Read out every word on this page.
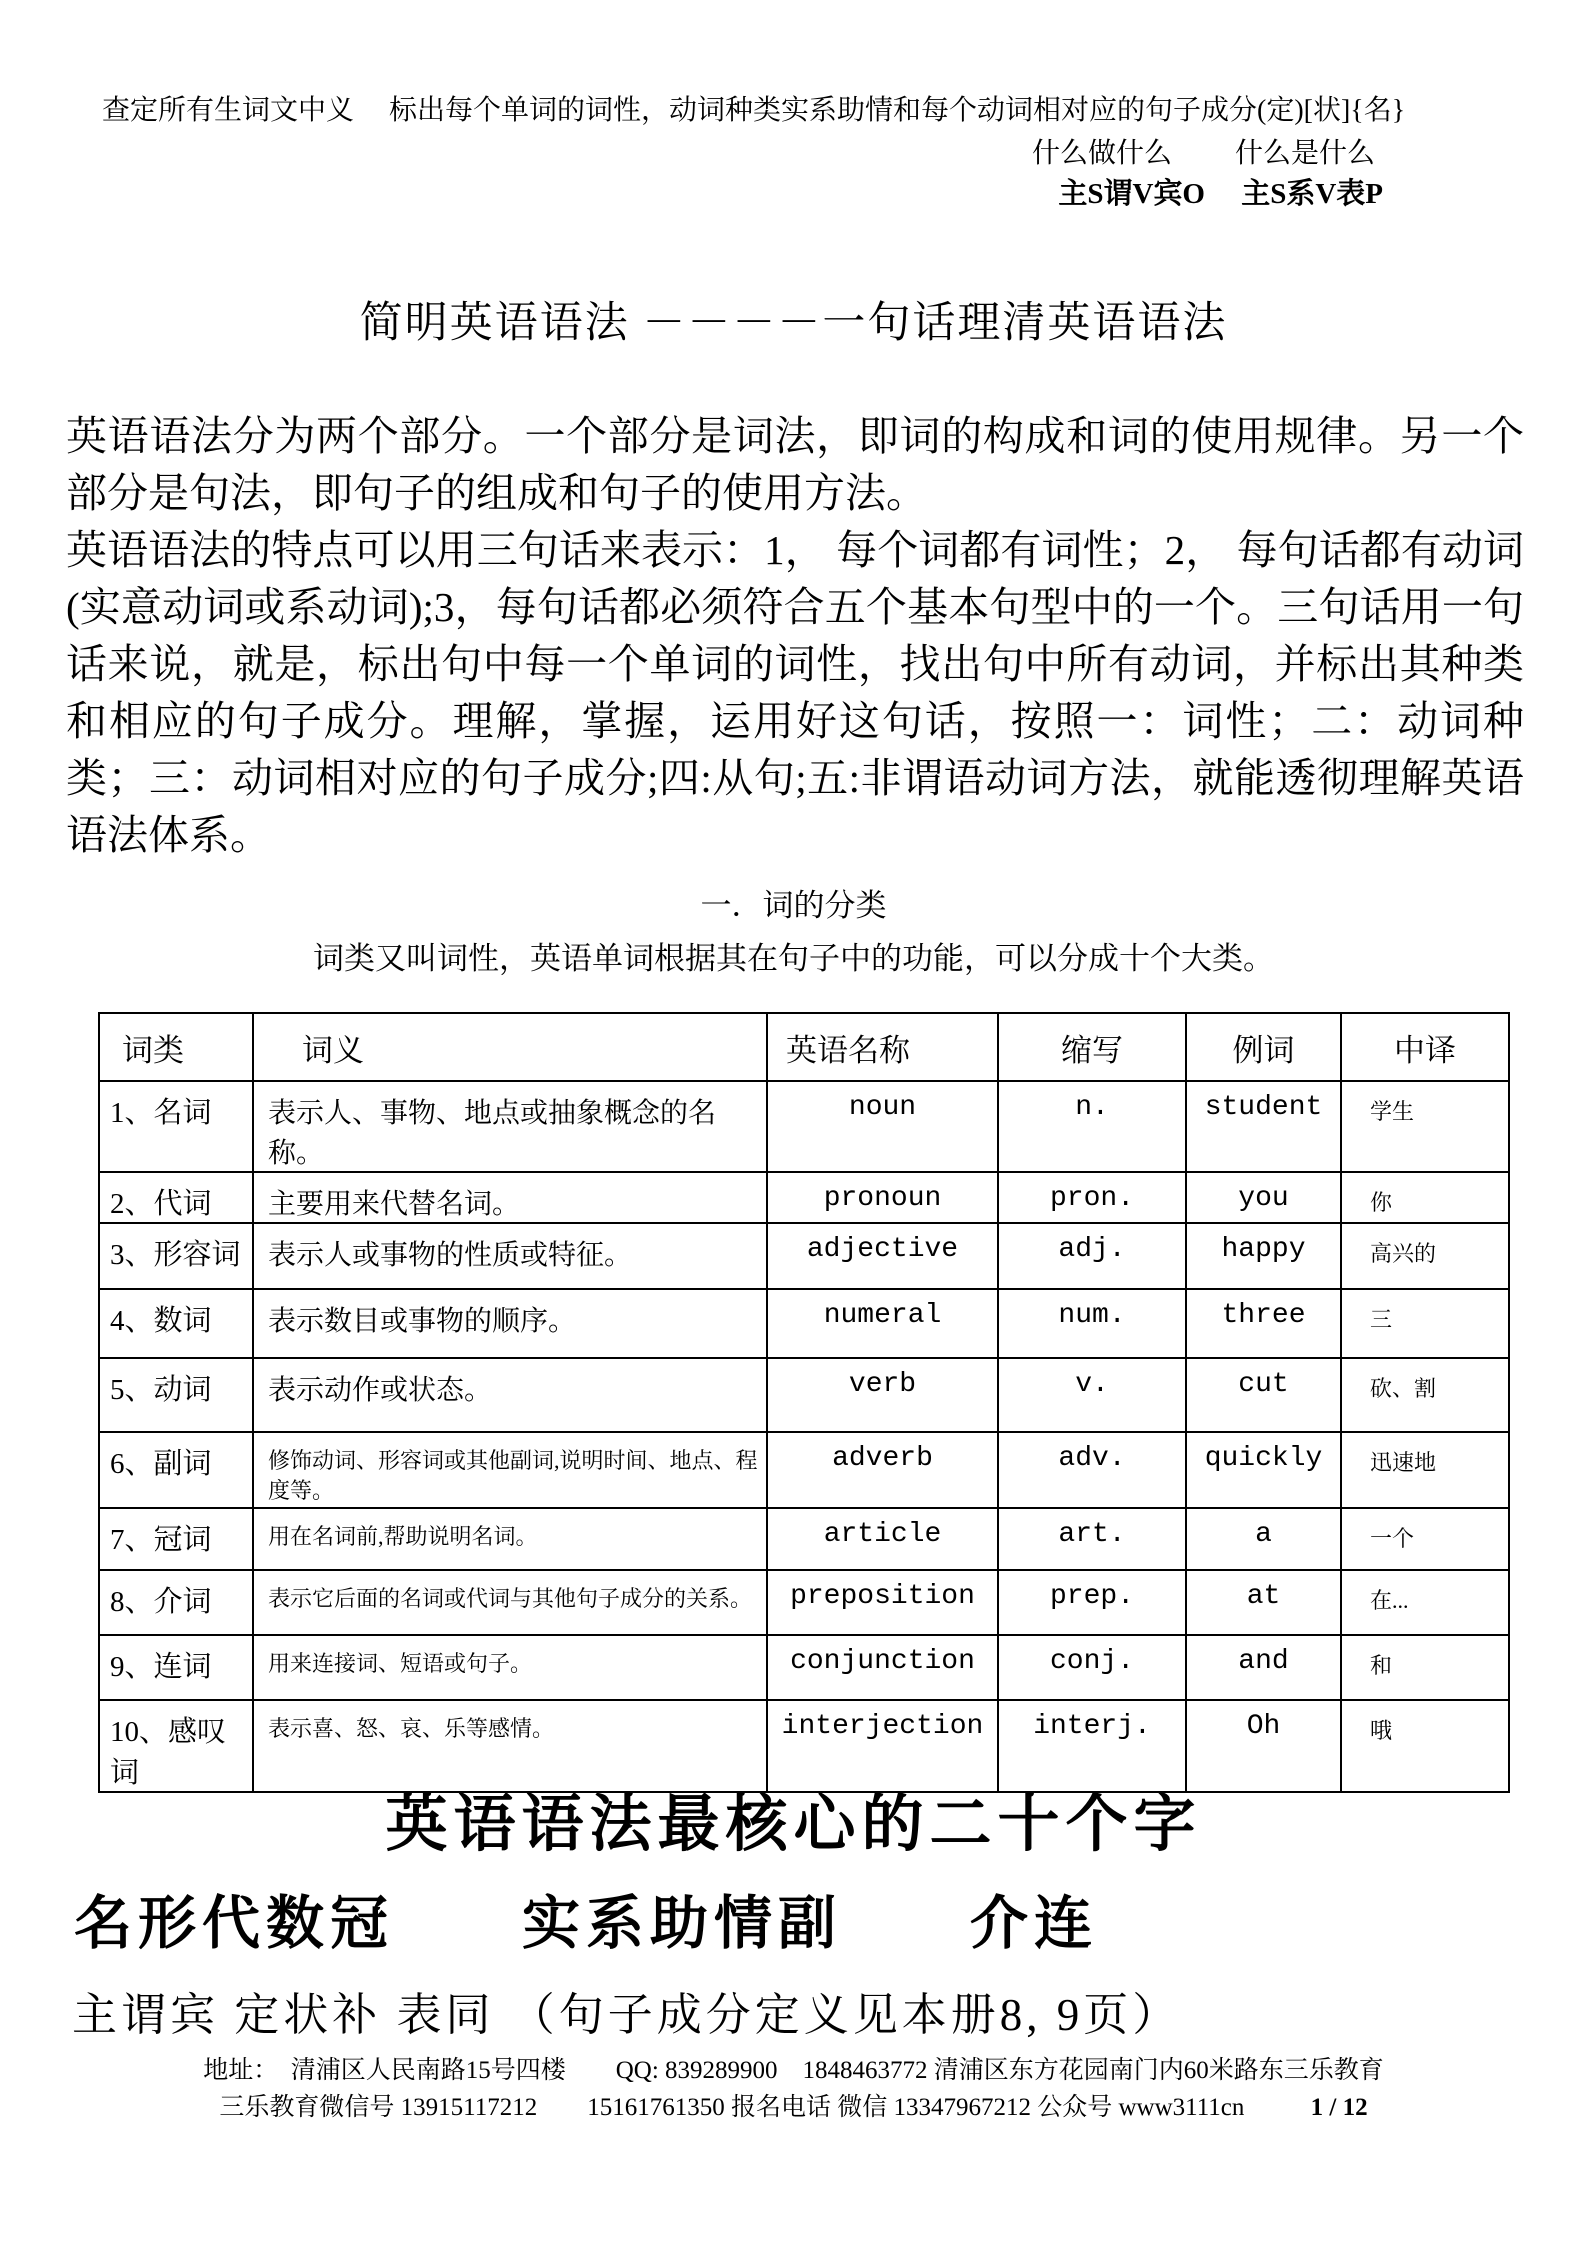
查定所有生词文中义　 标出每个单词的词性，动词种类实系助情和每个动词相对应的句子成分(定)[状]{名}
什么做什么　　 什么是什么
主S谓V宾O　 主S系V表P
简明英语语法 －－－－一句话理清英语语法

英语语法分为两个部分。一个部分是词法，即词的构成和词的使用规律。另一个部分是句法，即句子的组成和句子的使用方法。

英语语法的特点可以用三句话来表示：1， 每个词都有词性；2， 每句话都有动词(实意动词或系动词);3，每句话都必须符合五个基本句型中的一个。三句话用一句话来说，就是，标出句中每一个单词的词性，找出句中所有动词，并标出其种类和相应的句子成分。理解，掌握，运用好这句话，按照一：词性；二：动词种类；三：动词相对应的句子成分;四:从句;五:非谓语动词方法，就能透彻理解英语语法体系。

一．词的分类
词类又叫词性，英语单词根据其在句子中的功能，可以分成十个大类。
词类	词义	英语名称	缩写	例词	中译
1、名词	表示人、事物、地点或抽象概念的名称。	noun	n.	student	学生
2、代词	主要用来代替名词。	pronoun	pron.	you	你
3、形容词	表示人或事物的性质或特征。	adjective	adj.	happy	高兴的
4、数词	表示数目或事物的顺序。	numeral	num.	three	三
5、动词	表示动作或状态。	verb	v.	cut	砍、割
6、副词	修饰动词、形容词或其他副词,说明时间、地点、程度等。	adverb	adv.	quickly	迅速地
7、冠词	用在名词前,帮助说明名词。	article	art.	a	一个
8、介词	表示它后面的名词或代词与其他句子成分的关系。	preposition	prep.	at	在...
9、连词	用来连接词、短语或句子。	conjunction	conj.	and	和
10、感叹词	表示喜、怒、哀、乐等感情。	interjection	interj.	Oh	哦
英语语法最核心的二十个字
名形代数冠　　实系助情副　　介连
主谓宾 定状补 表同 （句子成分定义见本册8, 9页）
地址：　清浦区人民南路15号四楼　　QQ: 839289900　1848463772 清浦区东方花园南门内60米路东三乐教育
三乐教育微信号 13915117212　　15161761350 报名电话 微信 13347967212 公众号 www3111cn	1 / 12
